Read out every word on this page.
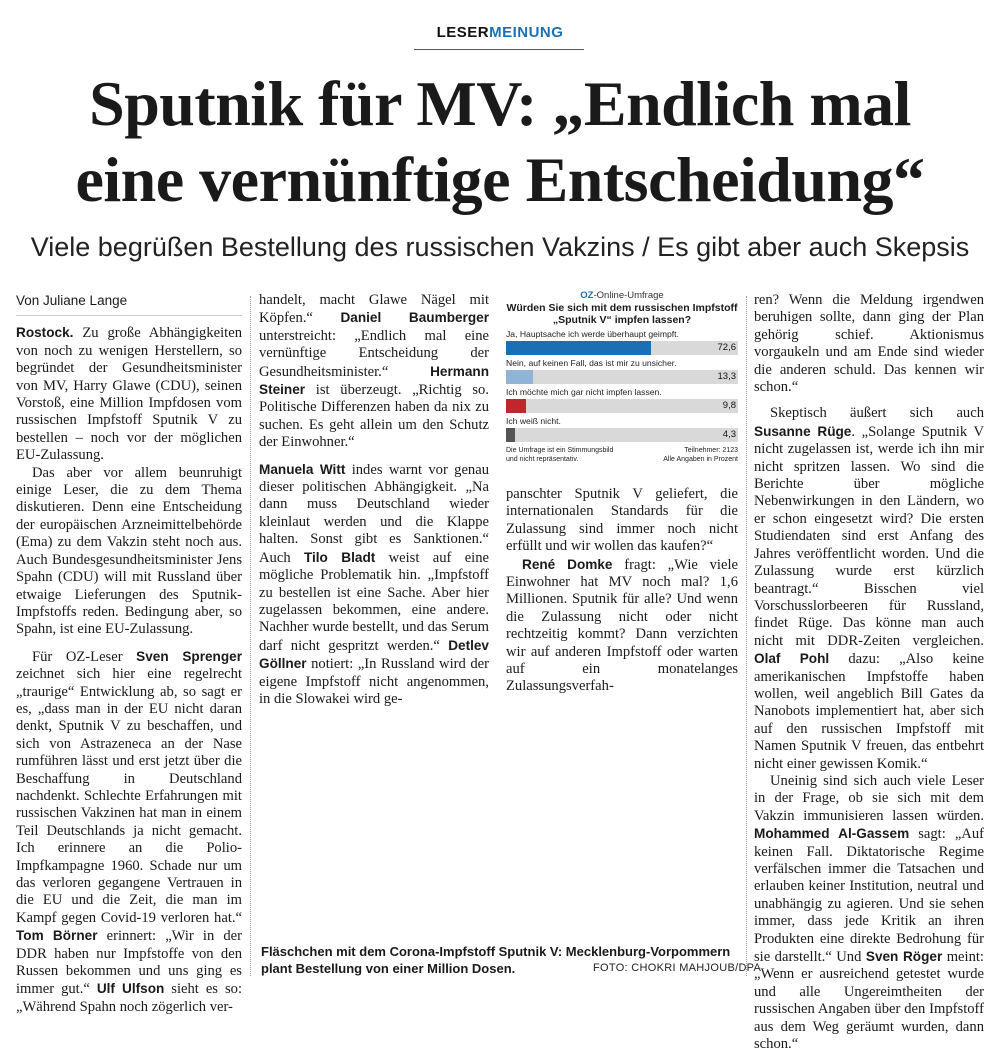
LESERMEINUNG
Sputnik für MV: „Endlich mal
eine vernünftige Entscheidung“
Viele begrüßen Bestellung des russischen Vakzins / Es gibt aber auch Skepsis
Von Juliane Lange

Rostock. Zu große Abhängigkeiten von noch zu wenigen Herstellern, so begründet der Gesundheitsminister von MV, Harry Glawe (CDU), seinen Vorstoß, eine Million Impfdosen vom russischen Impfstoff Sputnik V zu bestellen – noch vor der möglichen EU-Zulassung.

Das aber vor allem beunruhigt einige Leser, die zu dem Thema diskutieren. Denn eine Entscheidung der europäischen Arzneimittelbehörde (Ema) zu dem Vakzin steht noch aus. Auch Bundesgesundheitsminister Jens Spahn (CDU) will mit Russland über etwaige Lieferungen des Sputnik-Impfstoffs reden. Bedingung aber, so Spahn, ist eine EU-Zulassung.

Für OZ-Leser Sven Sprenger zeichnet sich hier eine regelrecht „traurige“ Entwicklung ab, so sagt er es, „dass man in der EU nicht daran denkt, Sputnik V zu beschaffen, und sich von Astrazeneca an der Nase rumführen lässt und erst jetzt über die Beschaffung in Deutschland nachdenkt. Schlechte Erfahrungen mit russischen Vakzinen hat man in einem Teil Deutschlands ja nicht gemacht. Ich erinnere an die Polio-Impfkampagne 1960. Schade nur um das verloren gegangene Vertrauen in die EU und die Zeit, die man im Kampf gegen Covid-19 verloren hat.“ Tom Börner erinnert: „Wir in der DDR haben nur Impfstoffe von den Russen bekommen und uns ging es immer gut.“ Ulf Ulfson sieht es so: „Während Spahn noch zögerlich ver-

handelt, macht Glawe Nägel mit Köpfen.“ Daniel Baumberger unterstreicht: „Endlich mal eine vernünftige Entscheidung der Gesundheitsminister.“ Hermann Steiner ist überzeugt. „Richtig so. Politische Differenzen haben da nix zu suchen. Es geht allein um den Schutz der Einwohner.“

Manuela Witt indes warnt vor genau dieser politischen Abhängigkeit. „Na dann muss Deutschland wieder kleinlaut werden und die Klappe halten. Sonst gibt es Sanktionen.“ Auch Tilo Bladt weist auf eine mögliche Problematik hin. „Impfstoff zu bestellen ist eine Sache. Aber hier zugelassen bekommen, eine andere. Nachher wurde bestellt, und das Serum darf nicht gespritzt werden.“ Detlev Göllner notiert: „In Russland wird der eigene Impfstoff nicht angenommen, in die Slowakei wird ge-

OZ-Online-Umfrage
Würden Sie sich mit dem russischen Impfstoff
„Sputnik V“ impfen lassen?
Ja, Hauptsache ich werde überhaupt geimpft.
72,6
Nein, auf keinen Fall, das ist mir zu unsicher.
13,3
Ich möchte mich gar nicht impfen lassen.
9,8
Ich weiß nicht.
4,3
Die Umfrage ist ein Stimmungsbild
und nicht repräsentativ.
Teilnehmer: 2123
Alle Angaben in Prozent

panschter Sputnik V geliefert, die internationalen Standards für die Zulassung sind immer noch nicht erfüllt und wir wollen das kaufen?“

René Domke fragt: „Wie viele Einwohner hat MV noch mal? 1,6 Millionen. Sputnik für alle? Und wenn die Zulassung nicht oder nicht rechtzeitig kommt? Dann verzichten wir auf anderen Impfstoff oder warten auf ein monatelanges Zulassungsverfah-

ren? Wenn die Meldung irgendwen beruhigen sollte, dann ging der Plan gehörig schief. Aktionismus vorgaukeln und am Ende sind wieder die anderen schuld. Das kennen wir schon.“

Skeptisch äußert sich auch Susanne Rüge. „Solange Sputnik V nicht zugelassen ist, werde ich ihn mir nicht spritzen lassen. Wo sind die Berichte über mögliche Nebenwirkungen in den Ländern, wo er schon eingesetzt wird? Die ersten Studiendaten sind erst Anfang des Jahres veröffentlicht worden. Und die Zulassung wurde erst kürzlich beantragt.“ Bisschen viel Vorschusslorbeeren für Russland, findet Rüge. Das könne man auch nicht mit DDR-Zeiten vergleichen. Olaf Pohl dazu: „Also keine amerikanischen Impfstoffe haben wollen, weil angeblich Bill Gates da Nanobots implementiert hat, aber sich auf den russischen Impfstoff mit Namen Sputnik V freuen, das entbehrt nicht einer gewissen Komik.“

Uneinig sind sich auch viele Leser in der Frage, ob sie sich mit dem Vakzin immunisieren lassen würden. Mohammed Al-Gassem sagt: „Auf keinen Fall. Diktatorische Regime verfälschen immer die Tatsachen und erlauben keiner Institution, neutral und unabhängig zu agieren. Und sie sehen immer, dass jede Kritik an ihren Produkten eine direkte Bedrohung für sie darstellt.“ Und Sven Röger meint: „Wenn er ausreichend getestet wurde und alle Ungereimtheiten der russischen Angaben über den Impfstoff aus dem Weg geräumt wurden, dann schon.“

Fläschchen mit dem Corona-Impfstoff Sputnik V: Mecklenburg-Vorpommern plant Bestellung von einer Million Dosen.	FOTO: CHOKRI MAHJOUB/DPA
